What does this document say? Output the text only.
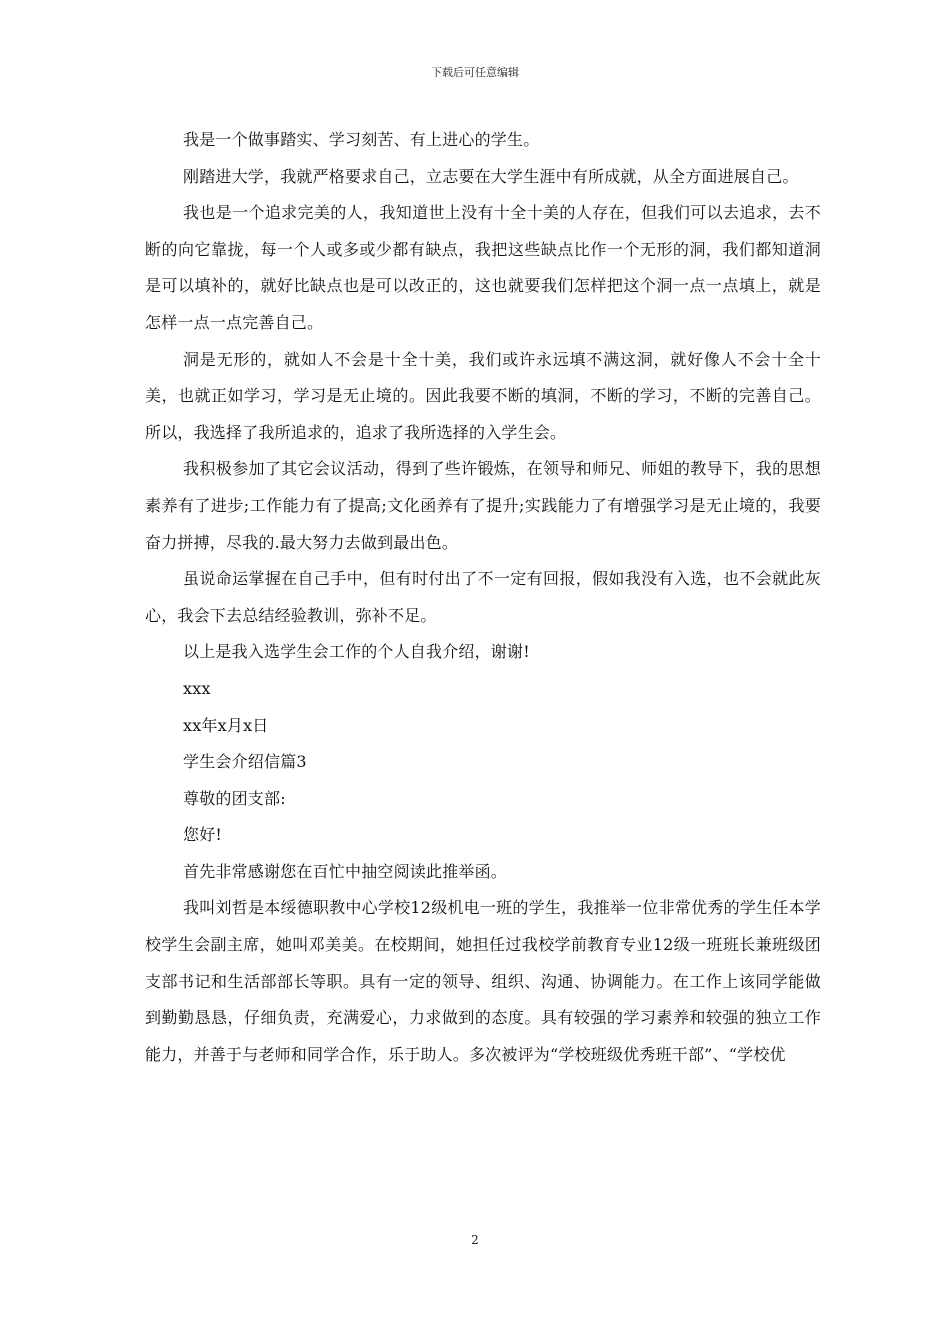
下载后可任意编辑

我是一个做事踏实、学习刻苦、有上进心的学生。

刚踏进大学，我就严格要求自己，立志要在大学生涯中有所成就，从全方面进展自己。

我也是一个追求完美的人，我知道世上没有十全十美的人存在，但我们可以去追求，去不断的向它靠拢，每一个人或多或少都有缺点，我把这些缺点比作一个无形的洞，我们都知道洞是可以填补的，就好比缺点也是可以改正的，这也就要我们怎样把这个洞一点一点填上，就是怎样一点一点完善自己。

洞是无形的，就如人不会是十全十美，我们或许永远填不满这洞，就好像人不会十全十美，也就正如学习，学习是无止境的。因此我要不断的填洞，不断的学习，不断的完善自己。所以，我选择了我所追求的，追求了我所选择的入学生会。

我积极参加了其它会议活动，得到了些许锻炼，在领导和师兄、师姐的教导下，我的思想素养有了进步;工作能力有了提高;文化函养有了提升;实践能力了有增强学习是无止境的，我要奋力拼搏，尽我的.最大努力去做到最出色。

虽说命运掌握在自己手中，但有时付出了不一定有回报，假如我没有入选，也不会就此灰心，我会下去总结经验教训，弥补不足。

以上是我入选学生会工作的个人自我介绍，谢谢!

xxx

xx年x月x日

学生会介绍信篇3

尊敬的团支部:

您好!

首先非常感谢您在百忙中抽空阅读此推举函。

我叫刘哲是本绥德职教中心学校12级机电一班的学生，我推举一位非常优秀的学生任本学校学生会副主席，她叫邓美美。在校期间，她担任过我校学前教育专业12级一班班长兼班级团支部书记和生活部部长等职。具有一定的领导、组织、沟通、协调能力。在工作上该同学能做到勤勤恳恳，仔细负责，充满爱心，力求做到的态度。具有较强的学习素养和较强的独立工作能力，并善于与老师和同学合作，乐于助人。多次被评为“学校班级优秀班干部”、“学校优

2
